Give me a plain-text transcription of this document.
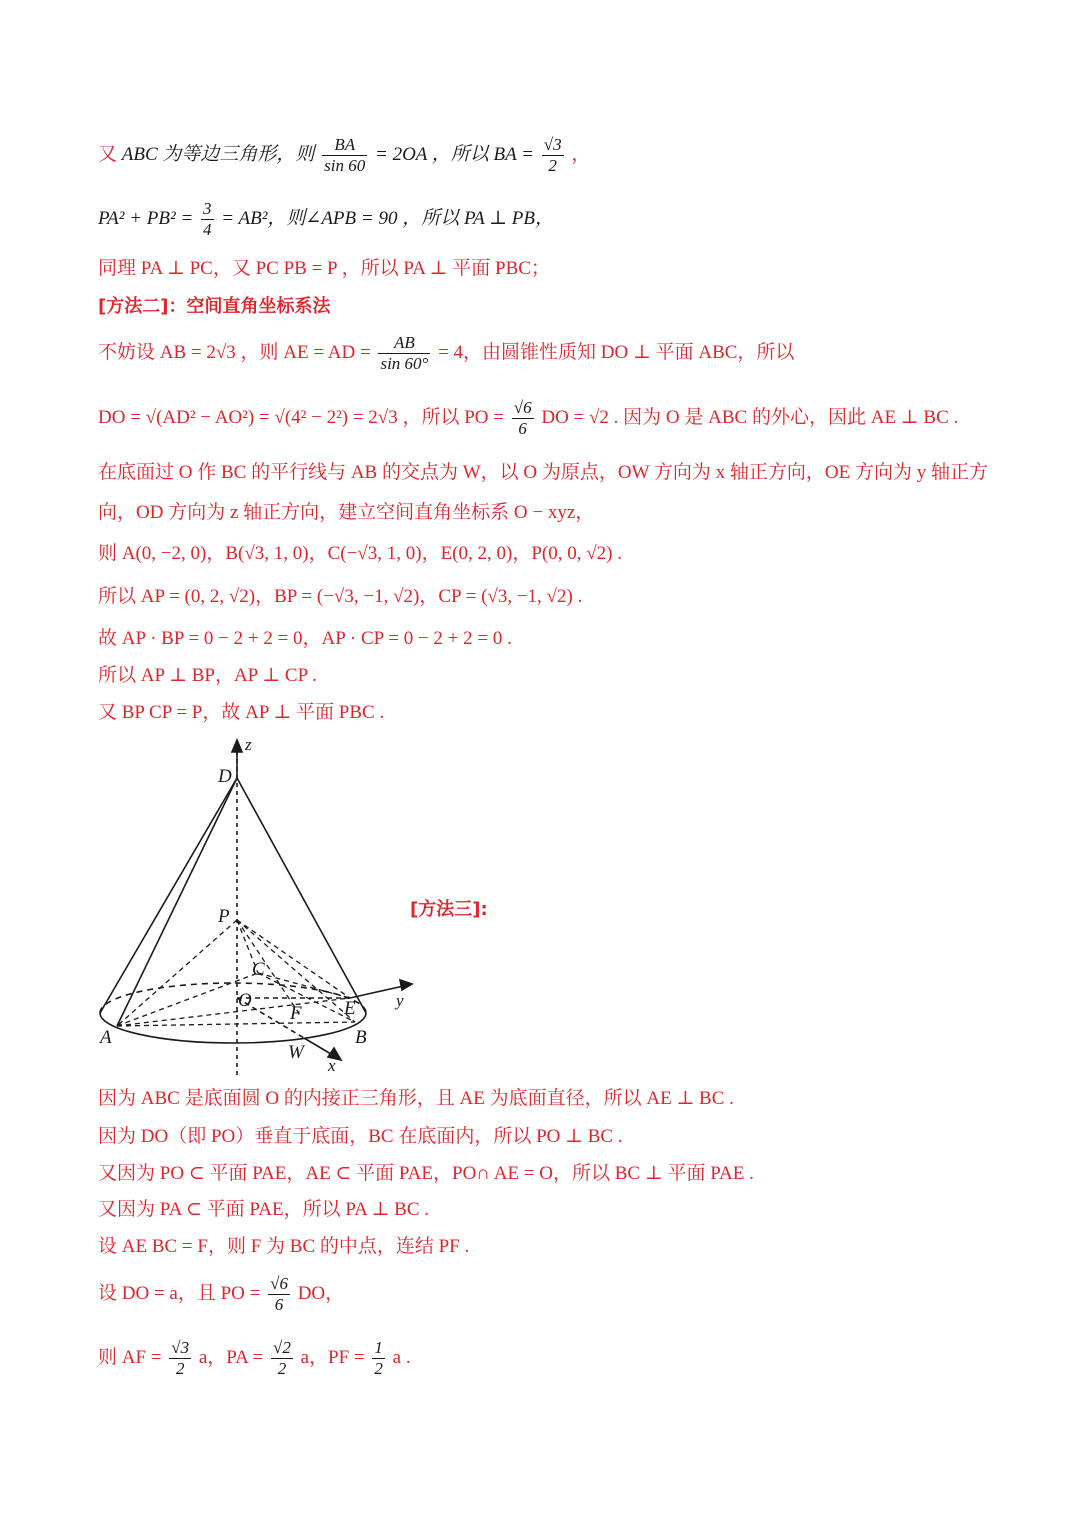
又 ABC 为等边三角形，则 $\frac{BA}{\sin 60} = 2OA$ ，所以 BA = $\frac{√3}{2}$ ，
$PA^2 + PB^2 = \frac{3}{4} = AB^2$，则∠APB = 90 ，所以 PA ⊥ PB，
同理 PA ⊥ PC，又 PC PB = P ，所以 PA ⊥ 平面 PBC；
[方法二]：空间直角坐标系法
不妨设 AB = 2√3 ，则 AE = AD = $\frac{AB}{\sin 60^\circ} = 4$，由圆锥性质知 DO ⊥ 平面 ABC，所以
DO = √(AD² − AO²) = √(4² − 2²) = 2√3 ，所以 PO = $\frac{√6}{6}$ DO = √2 . 因为 O 是 ABC 的外心，因此 AE ⊥ BC .
在底面过 O 作 BC 的平行线与 AB 的交点为 W，以 O 为原点，OW 方向为 x 轴正方向，OE 方向为 y 轴正方
向，OD 方向为 z 轴正方向，建立空间直角坐标系 O − xyz，
则 A(0, −2, 0)，B(√3, 1, 0)，C(−√3, 1, 0)，E(0, 2, 0)，P(0, 0, √2) .
所以 AP = (0, 2, √2)，BP = (−√3, −1, √2)，CP = (√3, −1, √2) .
故 AP · BP = 0 − 2 + 2 = 0，AP · CP = 0 − 2 + 2 = 0 .
所以 AP ⊥ BP，AP ⊥ CP .
又 BP CP = P，故 AP ⊥ 平面 PBC .
z
D
P
C
O
F E y
A	B
W
x
[方法三]:
因为 ABC 是底面圆 O 的内接正三角形，且 AE 为底面直径，所以 AE ⊥ BC .
因为 DO（即 PO）垂直于底面，BC 在底面内，所以 PO ⊥ BC .
又因为 PO ⊂ 平面 PAE，AE ⊂ 平面 PAE，PO∩ AE = O，所以 BC ⊥ 平面 PAE .
又因为 PA ⊂ 平面 PAE，所以 PA ⊥ BC .
设 AE BC = F，则 F 为 BC 的中点，连结 PF .
设 DO = a，且 PO = $\frac{√6}{6}$ DO，
则 AF = $\frac{√3}{2}$ a，PA = $\frac{√2}{2}$ a，PF = $\frac{1}{2}$ a .
